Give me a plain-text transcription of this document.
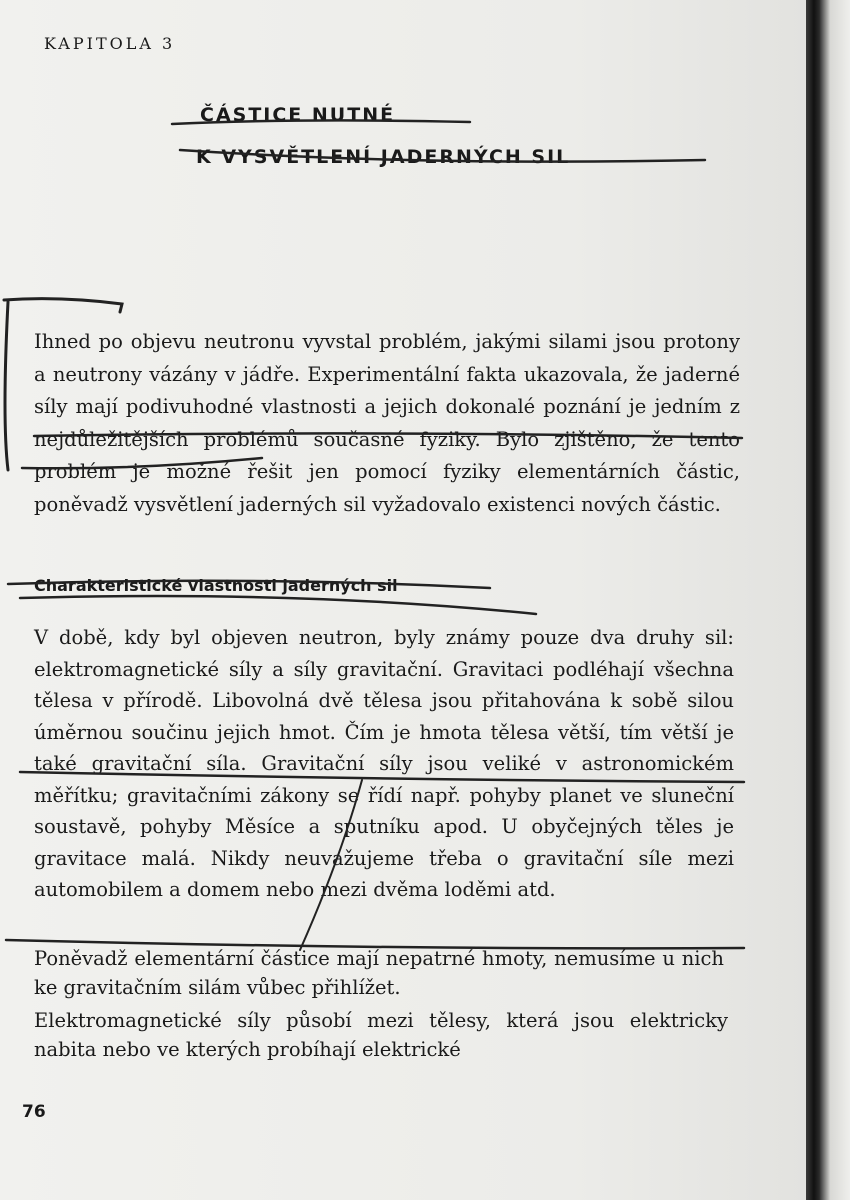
KAPITOLA 3
ČÁSTICE NUTNÉ
K VYSVĚTLENÍ JADERNÝCH SIL
Ihned po objevu neutronu vyvstal problém, jakými silami jsou protony a neutrony vázány v jádře. Experimentální fakta ukazovala, že jaderné síly mají podivuhodné vlastnosti a jejich dokonalé poznání je jedním z nejdůležitějších problémů současné fyziky. Bylo zjištěno, že tento problém je možné řešit jen pomocí fyziky elementárních částic, poněvadž vysvětlení jaderných sil vyžadovalo existenci nových částic.
Charakteristické vlastnosti jaderných sil
V době, kdy byl objeven neutron, byly známy pouze dva druhy sil: elektromagnetické síly a síly gravitační. Gravitaci podléhají všechna tělesa v přírodě. Libovolná dvě tělesa jsou přitahována k sobě silou úměrnou součinu jejich hmot. Čím je hmota tělesa větší, tím větší je také gravitační síla. Gravitační síly jsou veliké v astronomickém měřítku; gravitačními zákony se řídí např. pohyby planet ve sluneční soustavě, pohyby Měsíce a sputníku apod. U obyčejných těles je gravitace malá. Nikdy neuvažujeme třeba o gravitační síle mezi automobilem a domem nebo mezi dvěma loděmi atd.
Poněvadž elementární částice mají nepatrné hmoty, nemusíme u nich ke gravitačním silám vůbec přihlížet.
Elektromagnetické síly působí mezi tělesy, která jsou elektricky nabita nebo ve kterých probíhají elektrické
76
